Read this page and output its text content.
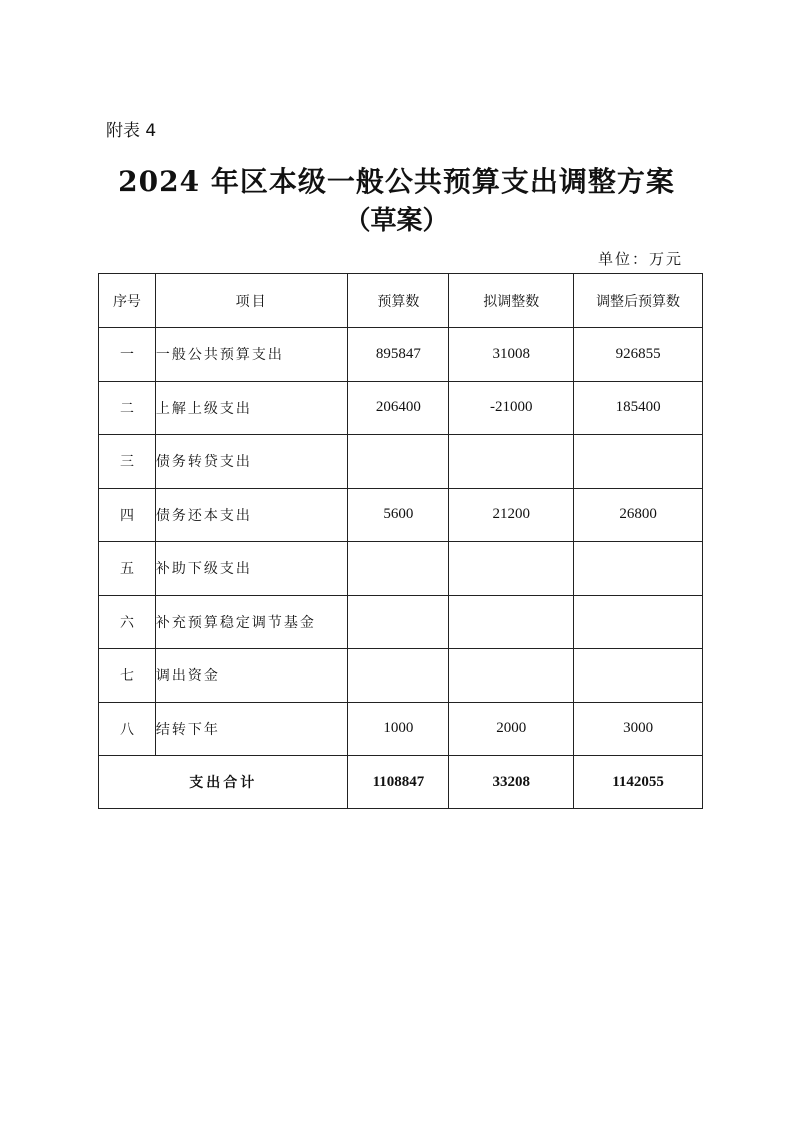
附表 4
2024 年区本级一般公共预算支出调整方案
（草案）
单位：万元
序号	项目	预算数	拟调整数	调整后预算数
一	一般公共预算支出	895847	31008	926855
二	上解上级支出	206400	-21000	185400
三	债务转贷支出			
四	债务还本支出	5600	21200	26800
五	补助下级支出			
六	补充预算稳定调节基金			
七	调出资金			
八	结转下年	1000	2000	3000
支出合计		1108847	33208	1142055
